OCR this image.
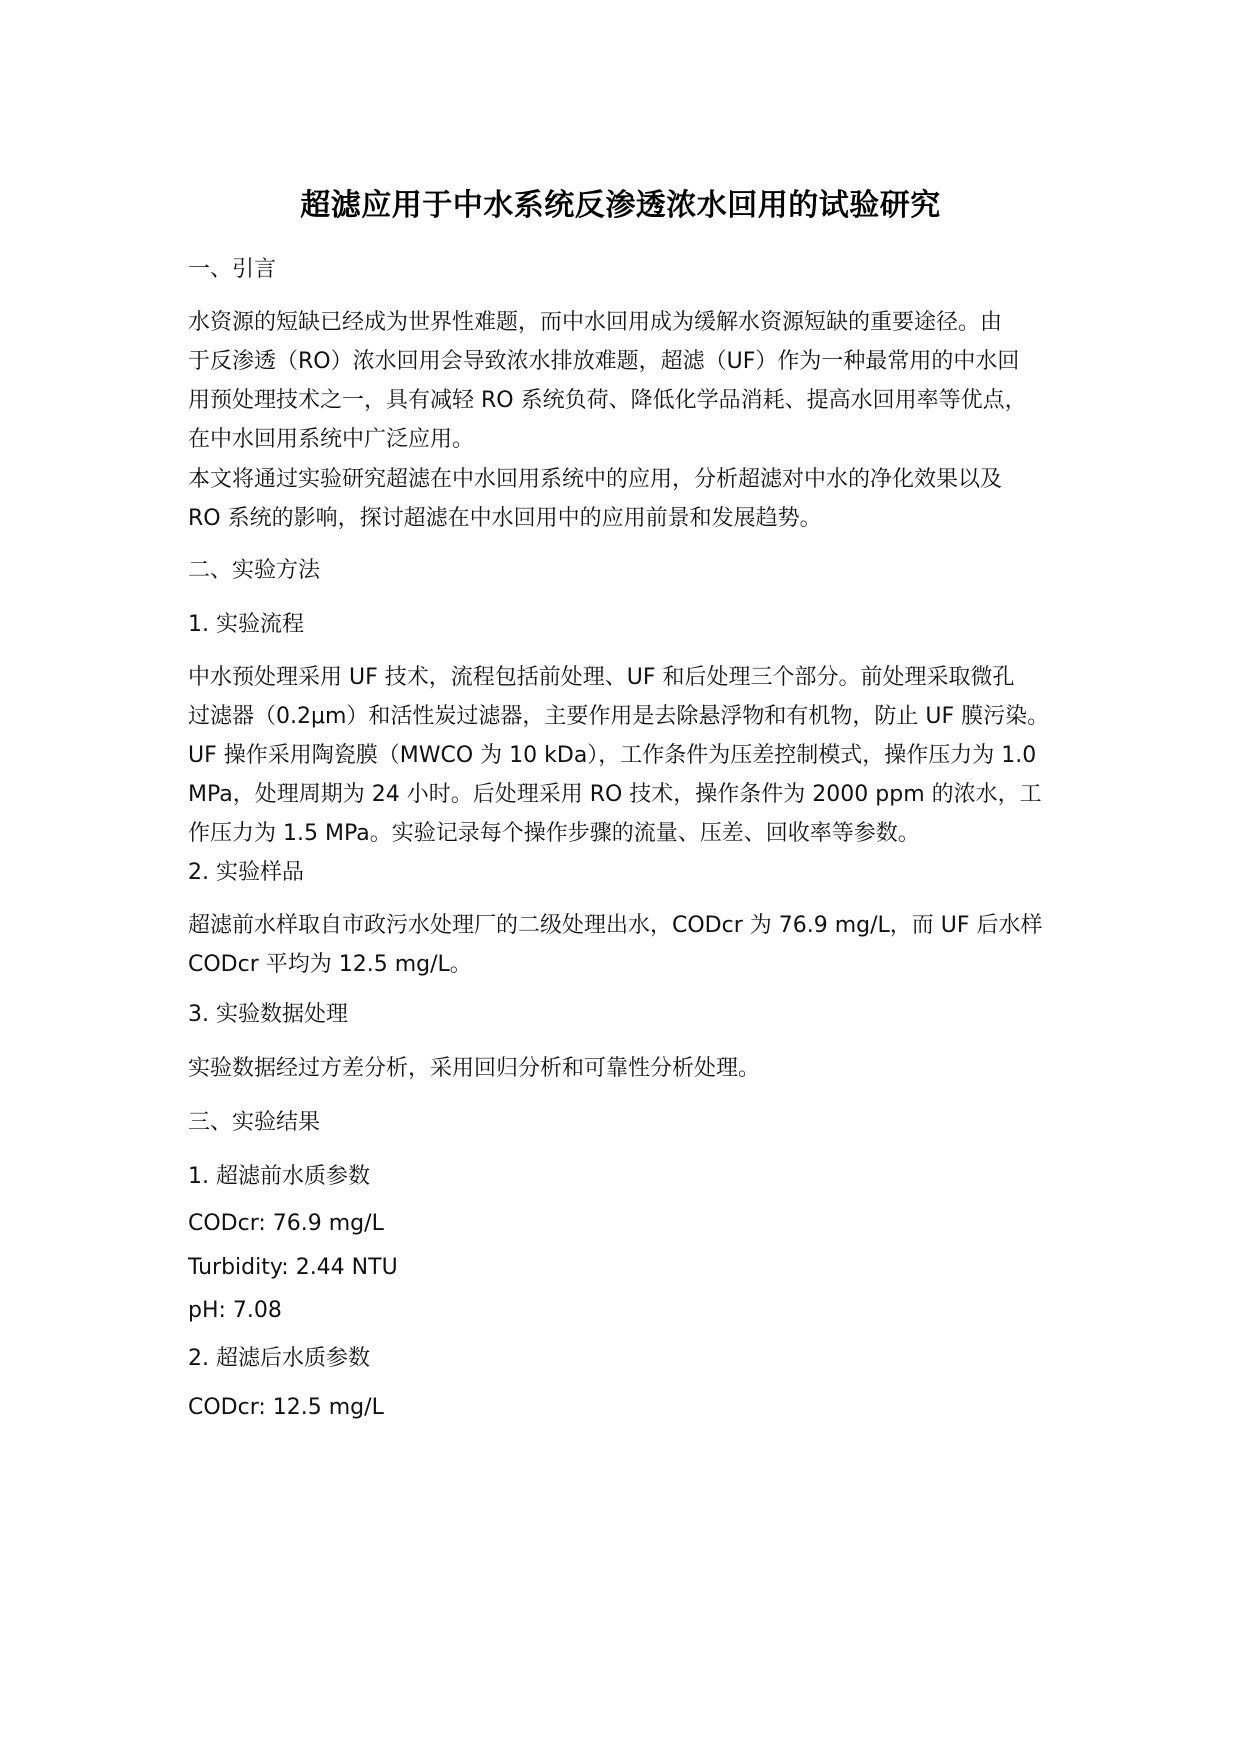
超滤应用于中水系统反渗透浓水回用的试验研究
一、引言
水资源的短缺已经成为世界性难题，而中水回用成为缓解水资源短缺的重要途径。由
于反渗透（RO）浓水回用会导致浓水排放难题，超滤（UF）作为一种最常用的中水回
用预处理技术之一，具有减轻 RO 系统负荷、降低化学品消耗、提高水回用率等优点，
在中水回用系统中广泛应用。
本文将通过实验研究超滤在中水回用系统中的应用，分析超滤对中水的净化效果以及
RO 系统的影响，探讨超滤在中水回用中的应用前景和发展趋势。
二、实验方法
1. 实验流程
中水预处理采用 UF 技术，流程包括前处理、UF 和后处理三个部分。前处理采取微孔
过滤器（0.2μm）和活性炭过滤器，主要作用是去除悬浮物和有机物，防止 UF 膜污染。
UF 操作采用陶瓷膜（MWCO 为 10 kDa），工作条件为压差控制模式，操作压力为 1.0
MPa，处理周期为 24 小时。后处理采用 RO 技术，操作条件为 2000 ppm 的浓水，工
作压力为 1.5 MPa。实验记录每个操作步骤的流量、压差、回收率等参数。
2. 实验样品
超滤前水样取自市政污水处理厂的二级处理出水，CODcr 为 76.9 mg/L，而 UF 后水样
CODcr 平均为 12.5 mg/L。
3. 实验数据处理
实验数据经过方差分析，采用回归分析和可靠性分析处理。
三、实验结果
1. 超滤前水质参数
CODcr: 76.9 mg/L
Turbidity: 2.44 NTU
pH: 7.08
2. 超滤后水质参数
CODcr: 12.5 mg/L
